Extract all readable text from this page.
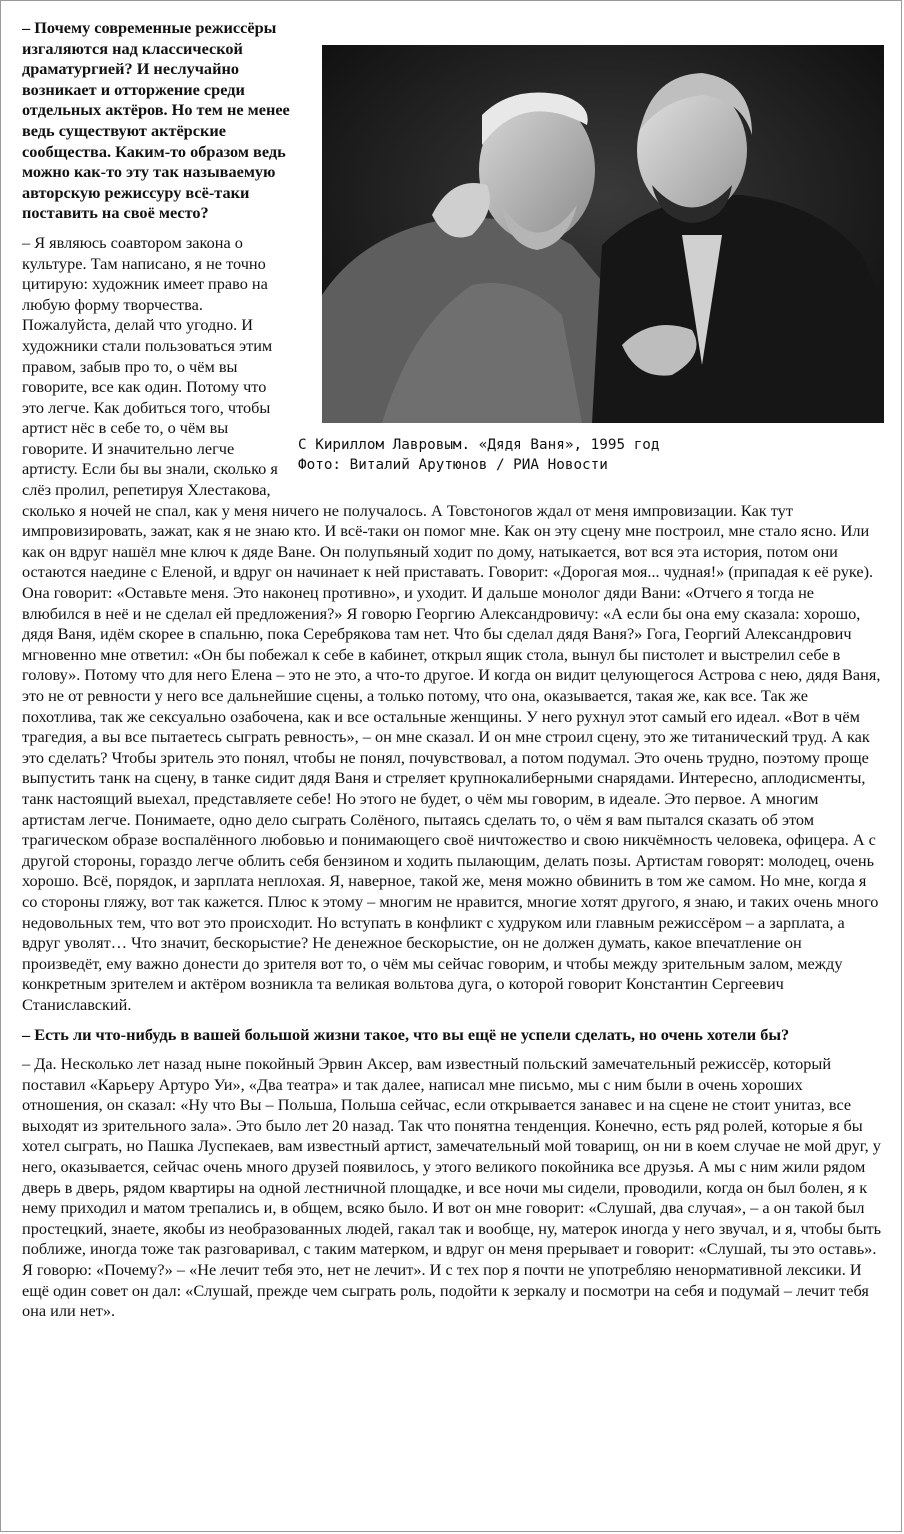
С Кириллом Лавровым. «Дядя Ваня», 1995 год
Фото: Виталий Арутюнов / РИА Новости

– Почему современные режиссёры изгаляются над классической драматургией? И неслучайно возникает и отторжение среди отдельных актёров. Но тем не менее ведь существуют актёрские сообщества. Каким-то образом ведь можно как-то эту так называемую авторскую режиссуру всё-таки поставить на своё место?

– Я являюсь соавтором закона о культуре. Там написано, я не точно цитирую: художник имеет право на любую форму творчества. Пожалуйста, делай что угодно. И художники стали пользоваться этим правом, забыв про то, о чём вы говорите, все как один. Потому что это легче. Как добиться того, чтобы артист нёс в себе то, о чём вы говорите. И значительно легче артисту. Если бы вы знали, сколько я слёз пролил, репетируя Хлестакова, сколько я ночей не спал, как у меня ничего не получалось. А Товстоногов ждал от меня импровизации. Как тут импровизировать, зажат, как я не знаю кто. И всё-таки он помог мне. Как он эту сцену мне построил, мне стало ясно. Или как он вдруг нашёл мне ключ к дяде Ване. Он полупьяный ходит по дому, натыкается, вот вся эта история, потом они остаются наедине с Еленой, и вдруг он начинает к ней приставать. Говорит: «Дорогая моя... чудная!» (припадая к её руке). Она говорит: «Оставьте меня. Это наконец противно», и уходит. И дальше монолог дяди Вани: «Отчего я тогда не влюбился в неё и не сделал ей предложения?» Я говорю Георгию Александровичу: «А если бы она ему сказала: хорошо, дядя Ваня, идём скорее в спальню, пока Серебрякова там нет. Что бы сделал дядя Ваня?» Гога, Георгий Александрович мгновенно мне ответил: «Он бы побежал к себе в кабинет, открыл ящик стола, вынул бы пистолет и выстрелил себе в голову». Потому что для него Елена – это не это, а что-то другое. И когда он видит целующегося Астрова с нею, дядя Ваня, это не от ревности у него все дальнейшие сцены, а только потому, что она, оказывается, такая же, как все. Так же похотлива, так же сексуально озабочена, как и все остальные женщины. У него рухнул этот самый его идеал. «Вот в чём трагедия, а вы все пытаетесь сыграть ревность», – он мне сказал. И он мне строил сцену, это же титанический труд. А как это сделать? Чтобы зритель это понял, чтобы не понял, почувствовал, а потом подумал. Это очень трудно, поэтому проще выпустить танк на сцену, в танке сидит дядя Ваня и стреляет крупнокалиберными снарядами. Интересно, аплодисменты, танк настоящий выехал, представляете себе! Но этого не будет, о чём мы говорим, в идеале. Это первое. А многим артистам легче. Понимаете, одно дело сыграть Солёного, пытаясь сделать то, о чём я вам пытался сказать об этом трагическом образе воспалённого любовью и понимающего своё ничтожество и свою никчёмность человека, офицера. А с другой стороны, гораздо легче облить себя бензином и ходить пылающим, делать позы. Артистам говорят: молодец, очень хорошо. Всё, порядок, и зарплата неплохая. Я, наверное, такой же, меня можно обвинить в том же самом. Но мне, когда я со стороны гляжу, вот так кажется. Плюс к этому – многим не нравится, многие хотят другого, я знаю, и таких очень много недовольных тем, что вот это происходит. Но вступать в конфликт с худруком или главным режиссёром – а зарплата, а вдруг уволят… Что значит, бескорыстие? Не денежное бескорыстие, он не должен думать, какое впечатление он произведёт, ему важно донести до зрителя вот то, о чём мы сейчас говорим, и чтобы между зрительным залом, между конкретным зрителем и актёром возникла та великая вольтова дуга, о которой говорит Константин Сергеевич Станиславский.

– Есть ли что-нибудь в вашей большой жизни такое, что вы ещё не успели сделать, но очень хотели бы?

– Да. Несколько лет назад ныне покойный Эрвин Аксер, вам известный польский замечательный режиссёр, который поставил «Карьеру Артуро Уи», «Два театра» и так далее, написал мне письмо, мы с ним были в очень хороших отношения, он сказал: «Ну что Вы – Польша, Польша сейчас, если открывается занавес и на сцене не стоит унитаз, все выходят из зрительного зала». Это было лет 20 назад. Так что понятна тенденция. Конечно, есть ряд ролей, которые я бы хотел сыграть, но Пашка Луспекаев, вам известный артист, замечательный мой товарищ, он ни в коем случае не мой друг, у него, оказывается, сейчас очень много друзей появилось, у этого великого покойника все друзья. А мы с ним жили рядом дверь в дверь, рядом квартиры на одной лестничной площадке, и все ночи мы сидели, проводили, когда он был болен, я к нему приходил и матом трепались и, в общем, всяко было. И вот он мне говорит: «Слушай, два случая», – а он такой был простецкий, знаете, якобы из необразованных людей, гакал так и вообще, ну, матерок иногда у него звучал, и я, чтобы быть поближе, иногда тоже так разговаривал, с таким матерком, и вдруг он меня прерывает и говорит: «Слушай, ты это оставь». Я говорю: «Почему?» – «Не лечит тебя это, нет не лечит». И с тех пор я почти не употребляю ненормативной лексики. И ещё один совет он дал: «Слушай, прежде чем сыграть роль, подойти к зеркалу и посмотри на себя и подумай – лечит тебя она или нет».
